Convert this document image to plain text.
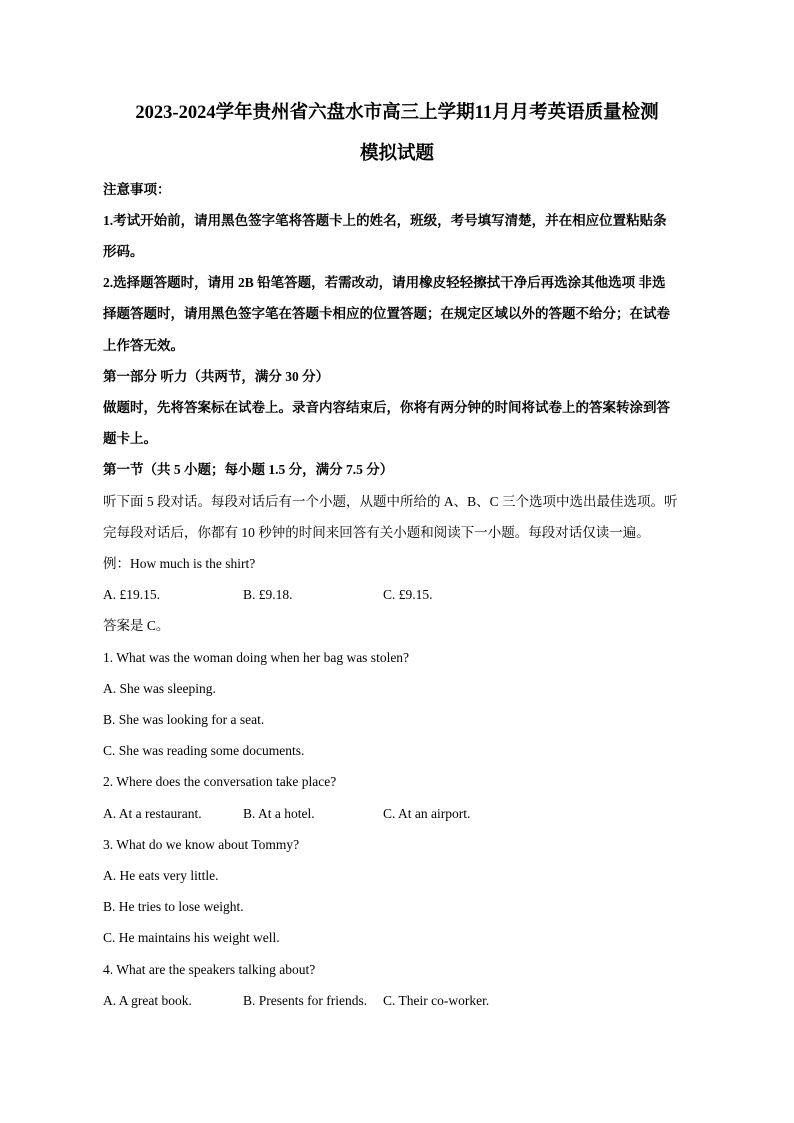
2023-2024学年贵州省六盘水市高三上学期11月月考英语质量检测
模拟试题
注意事项：
1.考试开始前，请用黑色签字笔将答题卡上的姓名，班级，考号填写清楚，并在相应位置粘贴条
形码。
2.选择题答题时，请用 2B 铅笔答题，若需改动，请用橡皮轻轻擦拭干净后再选涂其他选项 非选
择题答题时，请用黑色签字笔在答题卡相应的位置答题；在规定区域以外的答题不给分；在试卷
上作答无效。
第一部分 听力（共两节，满分 30 分）
做题时，先将答案标在试卷上。录音内容结束后，你将有两分钟的时间将试卷上的答案转涂到答
题卡上。
第一节（共 5 小题；每小题 1.5 分，满分 7.5 分）
听下面 5 段对话。每段对话后有一个小题，从题中所给的 A、B、C 三个选项中选出最佳选项。听
完每段对话后，你都有 10 秒钟的时间来回答有关小题和阅读下一小题。每段对话仅读一遍。
例：How much is the shirt?
A. £19.15.	B. £9.18.	C. £9.15.
答案是 C。
1. What was the woman doing when her bag was stolen?
A. She was sleeping.
B. She was looking for a seat.
C. She was reading some documents.
2. Where does the conversation take place?
A. At a restaurant.	B. At a hotel.	C. At an airport.
3. What do we know about Tommy?
A. He eats very little.
B. He tries to lose weight.
C. He maintains his weight well.
4. What are the speakers talking about?
A. A great book.	B. Presents for friends. C. Their co-worker.
